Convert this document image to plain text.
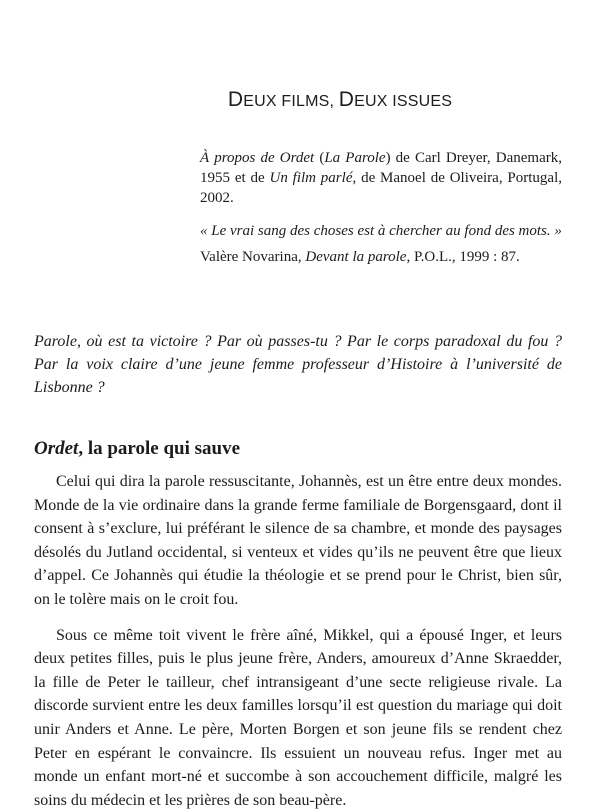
DEUX FILMS, DEUX ISSUES

À propos de Ordet (La Parole) de Carl Dreyer, Danemark, 1955 et de Un film parlé, de Manoel de Oliveira, Portugal, 2002.

« Le vrai sang des choses est à chercher au fond des mots. »

Valère Novarina, Devant la parole, P.O.L., 1999 : 87.

Parole, où est ta victoire ? Par où passes-tu ? Par le corps paradoxal du fou ? Par la voix claire d’une jeune femme professeur d’Histoire à l’université de Lisbonne ?

Ordet, la parole qui sauve

Celui qui dira la parole ressuscitante, Johannès, est un être entre deux mondes. Monde de la vie ordinaire dans la grande ferme familiale de Borgensgaard, dont il consent à s’exclure, lui préférant le silence de sa chambre, et monde des paysages désolés du Jutland occidental, si venteux et vides qu’ils ne peuvent être que lieux d’appel. Ce Johannès qui étudie la théologie et se prend pour le Christ, bien sûr, on le tolère mais on le croit fou.

Sous ce même toit vivent le frère aîné, Mikkel, qui a épousé Inger, et leurs deux petites filles, puis le plus jeune frère, Anders, amoureux d’Anne Skraedder, la fille de Peter le tailleur, chef intransigeant d’une secte religieuse rivale. La discorde survient entre les deux familles lorsqu’il est question du mariage qui doit unir Anders et Anne. Le père, Morten Borgen et son jeune fils se rendent chez Peter en espérant le convaincre. Ils essuient un nouveau refus. Inger met au monde un enfant mort-né et succombe à son accouchement difficile, malgré les soins du médecin et les prières de son beau-père.
